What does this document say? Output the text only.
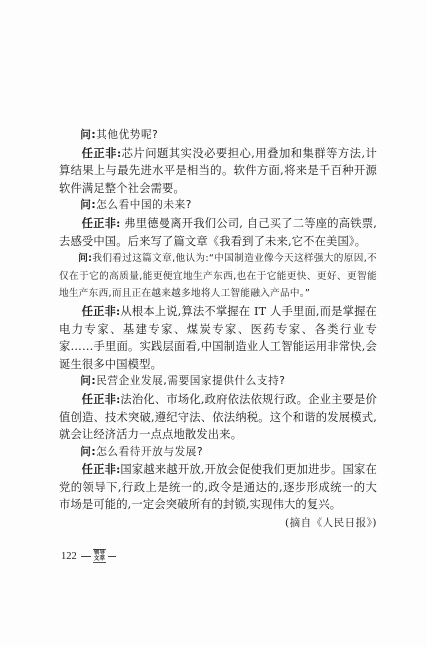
问:其他优势呢?

任正非:芯片问题其实没必要担心,用叠加和集群等方法,计算结果上与最先进水平是相当的。软件方面,将来是千百种开源软件满足整个社会需要。

问:怎么看中国的未来?

任正非: 弗里德曼离开我们公司, 自己买了二等座的高铁票,去感受中国。后来写了篇文章《我看到了未来,它不在美国》。

问:我们看过这篇文章,他认为:“中国制造业像今天这样强大的原因,不仅在于它的高质量,能更便宜地生产东西,也在于它能更快、更好、更智能地生产东西,而且正在越来越多地将人工智能融入产品中。”

任正非:从根本上说,算法不掌握在 IT 人手里面,而是掌握在电力专家、基建专家、煤炭专家、医药专家、各类行业专家……手里面。实践层面看,中国制造业人工智能运用非常快,会诞生很多中国模型。

问:民营企业发展,需要国家提供什么支持?

任正非:法治化、市场化,政府依法依规行政。企业主要是价值创造、技术突破,遵纪守法、依法纳税。这个和谐的发展模式,就会让经济活力一点点地散发出来。

问:怎么看待开放与发展?

任正非:国家越来越开放,开放会促使我们更加进步。国家在党的领导下,行政上是统一的,政令是通达的,逐步形成统一的大市场是可能的,一定会突破所有的封锁,实现伟大的复兴。

(摘自《人民日报》)

122	领导
文萃
